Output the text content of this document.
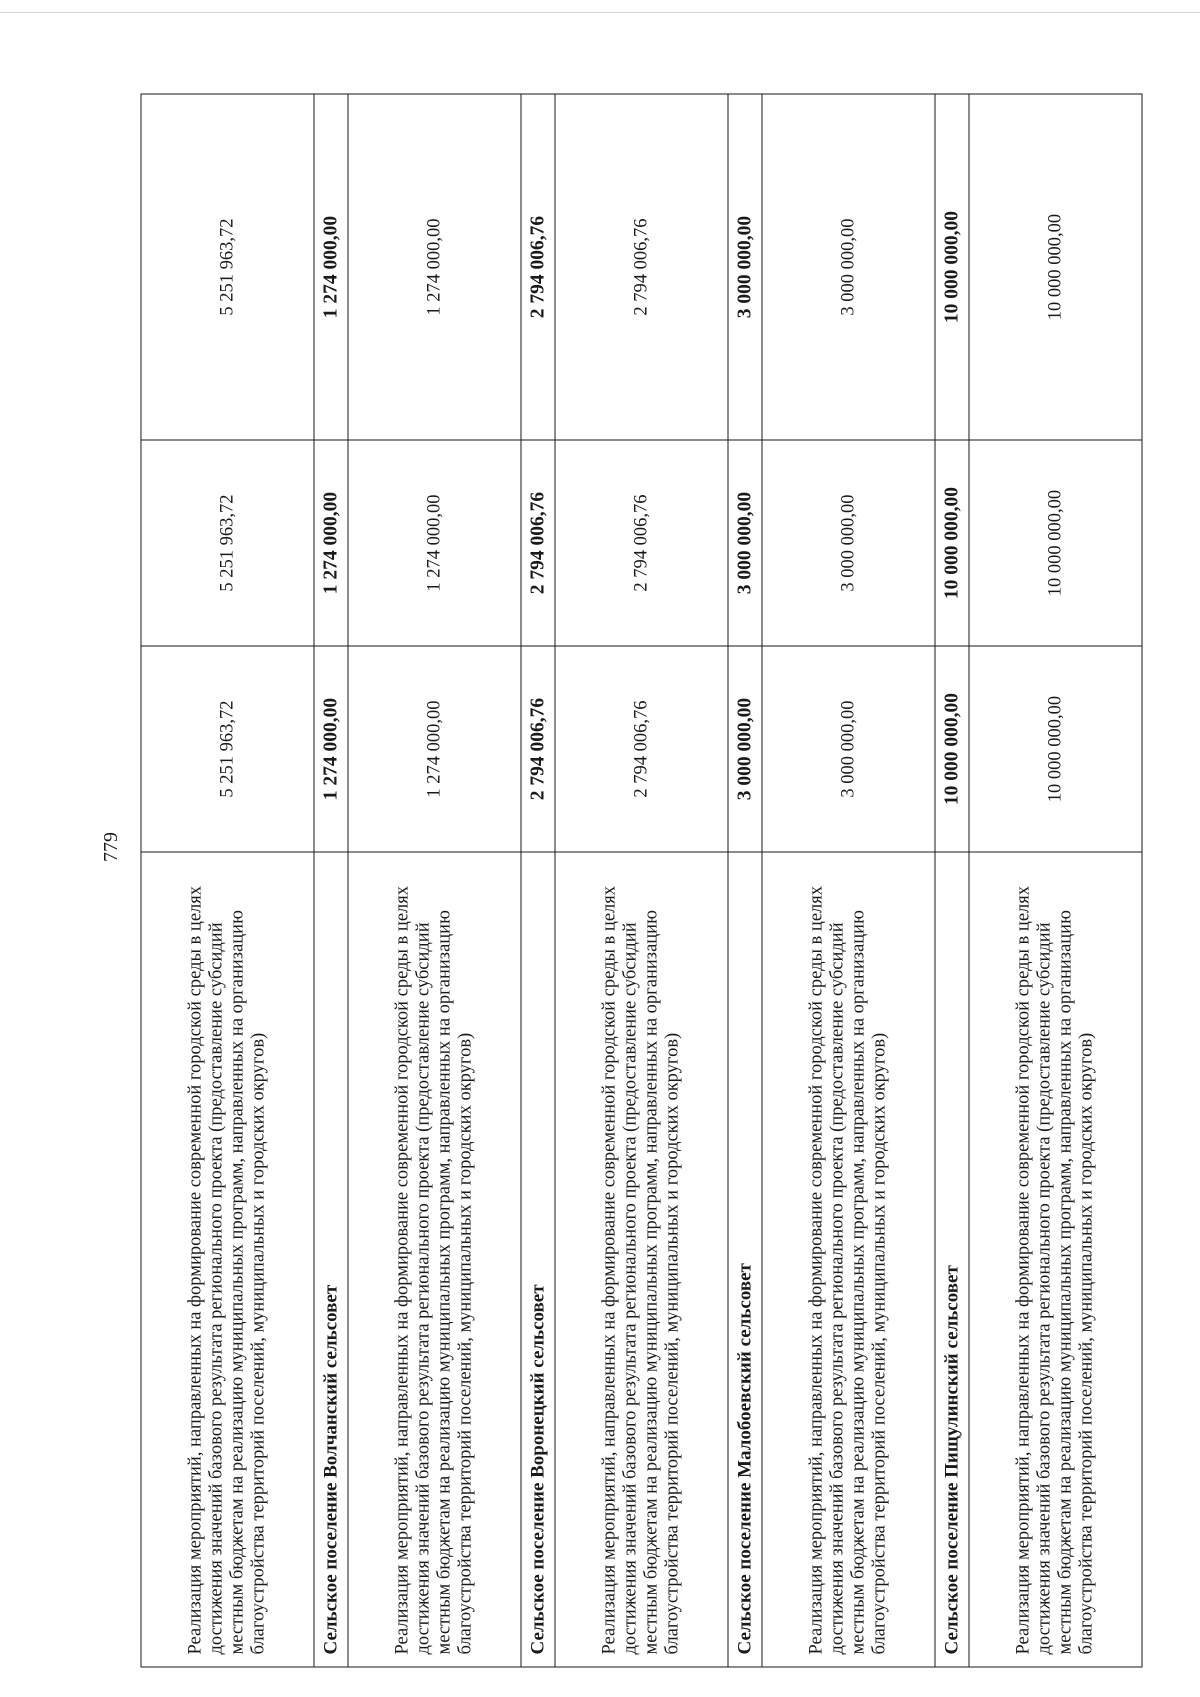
779
Реализация мероприятий, направленных на формирование современной городской среды в целях достижения значений базового результата регионального проекта (предоставление субсидий местным бюджетам на реализацию муниципальных программ, направленных на организацию благоустройства территорий поселений, муниципальных и городских округов)	5 251 963,72	5 251 963,72	5 251 963,72
Сельское поселение Волчанский сельсовет	1 274 000,00	1 274 000,00	1 274 000,00
Реализация мероприятий, направленных на формирование современной городской среды в целях достижения значений базового результата регионального проекта (предоставление субсидий местным бюджетам на реализацию муниципальных программ, направленных на организацию благоустройства территорий поселений, муниципальных и городских округов)	1 274 000,00	1 274 000,00	1 274 000,00
Сельское поселение Воронецкий сельсовет	2 794 006,76	2 794 006,76	2 794 006,76
Реализация мероприятий, направленных на формирование современной городской среды в целях достижения значений базового результата регионального проекта (предоставление субсидий местным бюджетам на реализацию муниципальных программ, направленных на организацию благоустройства территорий поселений, муниципальных и городских округов)	2 794 006,76	2 794 006,76	2 794 006,76
Сельское поселение Малобоевский сельсовет	3 000 000,00	3 000 000,00	3 000 000,00
Реализация мероприятий, направленных на формирование современной городской среды в целях достижения значений базового результата регионального проекта (предоставление субсидий местным бюджетам на реализацию муниципальных программ, направленных на организацию благоустройства территорий поселений, муниципальных и городских округов)	3 000 000,00	3 000 000,00	3 000 000,00
Сельское поселение Пищулинский сельсовет	10 000 000,00	10 000 000,00	10 000 000,00
Реализация мероприятий, направленных на формирование современной городской среды в целях достижения значений базового результата регионального проекта (предоставление субсидий местным бюджетам на реализацию муниципальных программ, направленных на организацию благоустройства территорий поселений, муниципальных и городских округов)	10 000 000,00	10 000 000,00	10 000 000,00
